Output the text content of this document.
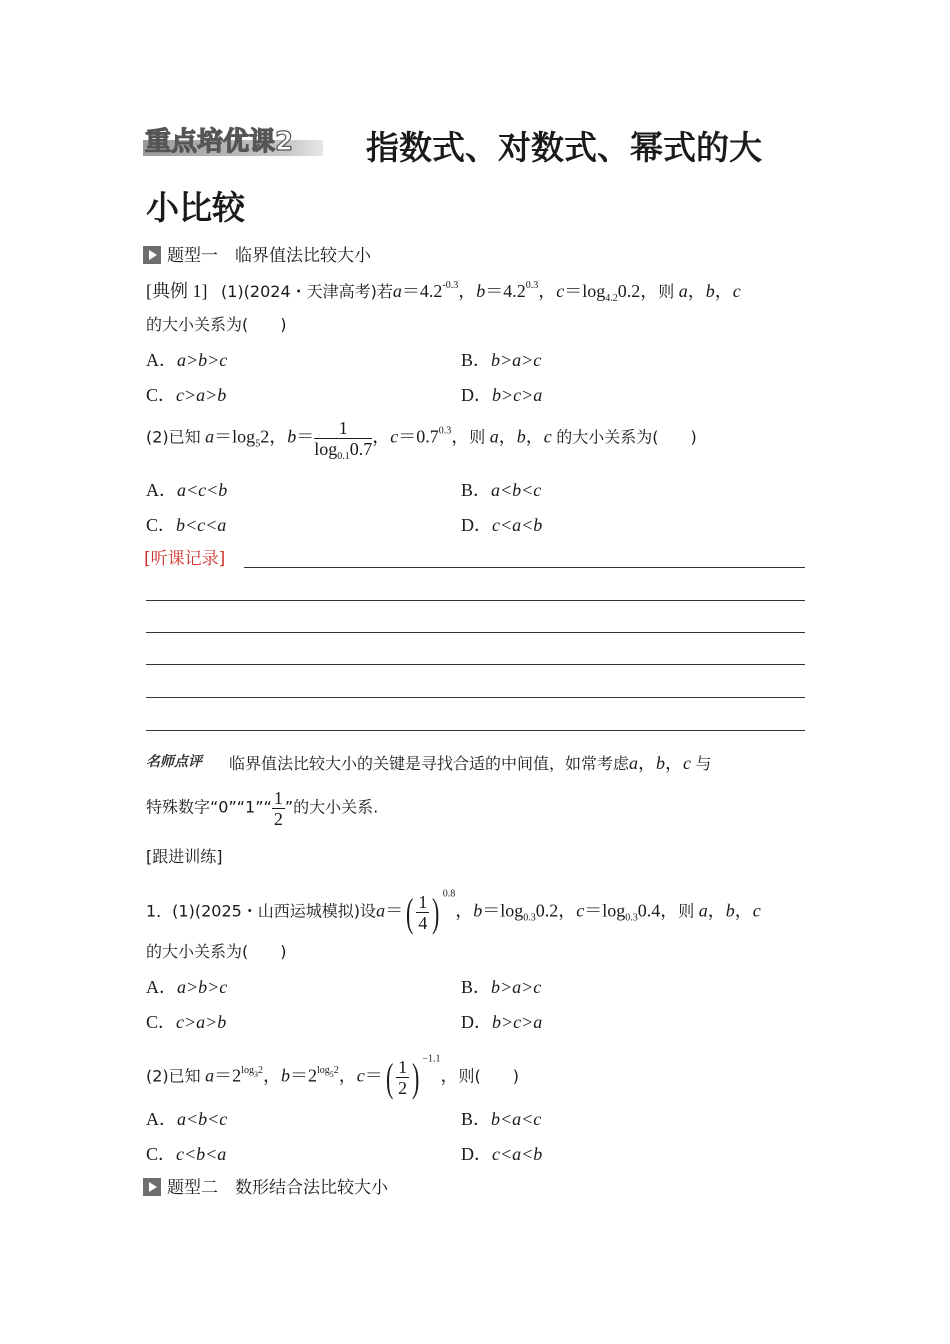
重点培优课2 指数式、对数式、幂式的大
小比较
题型一　临界值法比较大小
[典例 1] (1)(2024・天津高考)若$a=4.2^{-0.3}$，$b=4.2^{0.3}$，$c=\log_{4.2}0.2$，则 a，b，c
的大小关系为(　　)
A．a>b>c	B．b>a>c
C．c>a>b	D．b>c>a
(2)已知 $a=\log_52$，$b= \frac{1}{\log_{0.1}0.7}$ ，$c=0.7^{0.3}$，则 a，b，c 的大小关系为(　　)
A．a<c<b	B．a<b<c
C．b<c<a	D．c<a<b
[听课记录]
名师点评 临界值法比较大小的关键是寻找合适的中间值，如常考虑a，b，c 与
特殊数字“0”“1”“ $\frac{1}{2}$ ”的大小关系.
[跟进训练]
1．(1)(2025・山西运城模拟)设$a=( \frac{1}{4}$ ) $^{0.8}$，$b=\log_{0.3}0.2$，$c=\log_{0.3}0.4$，则 a，b，c
的大小关系为(　　)
A．a>b>c	B．b>a>c
C．c>a>b	D．b>c>a
(2)已知 $a=2^{log_32}$，$b=2^{log_52}$，$c=( \frac{1}{2}$ ) $^{-1.1}$，则(　　)
A．a<b<c	B．b<a<c
C．c<b<a	D．c<a<b
题型二　数形结合法比较大小
